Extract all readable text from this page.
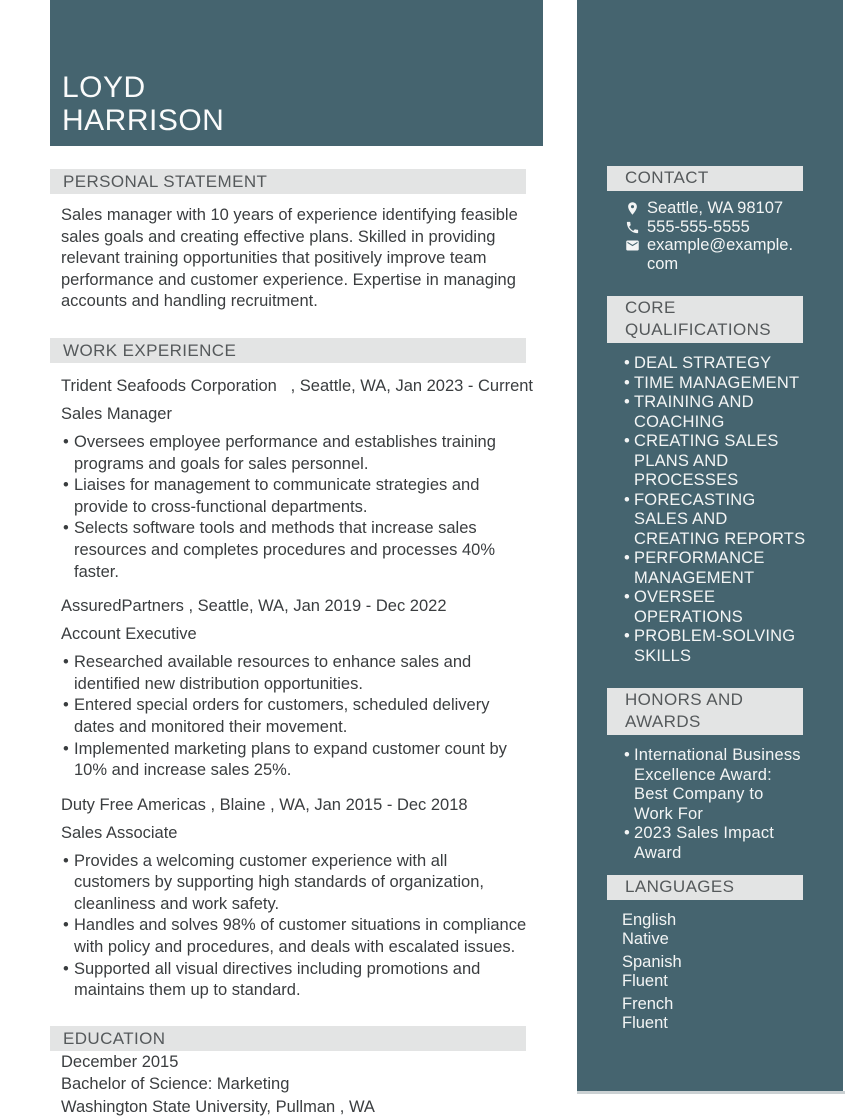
LOYD
HARRISON
PERSONAL STATEMENT

Sales manager with 10 years of experience identifying feasible sales goals and creating effective plans. Skilled in providing relevant training opportunities that positively improve team performance and customer experience. Expertise in managing accounts and handling recruitment.

WORK EXPERIENCE
Trident Seafoods Corporation   , Seattle, WA, Jan 2023 - Current
Sales Manager
• Oversees employee performance and establishes training programs and goals for sales personnel.
• Liaises for management to communicate strategies and provide to cross-functional departments.
• Selects software tools and methods that increase sales resources and completes procedures and processes 40% faster.
AssuredPartners , Seattle, WA, Jan 2019 - Dec 2022
Account Executive
• Researched available resources to enhance sales and identified new distribution opportunities.
• Entered special orders for customers, scheduled delivery dates and monitored their movement.
• Implemented marketing plans to expand customer count by 10% and increase sales 25%.
Duty Free Americas , Blaine , WA, Jan 2015 - Dec 2018
Sales Associate
• Provides a welcoming customer experience with all customers by supporting high standards of organization, cleanliness and work safety.
• Handles and solves 98% of customer situations in compliance with policy and procedures, and deals with escalated issues.
• Supported all visual directives including promotions and maintains them up to standard.
EDUCATION
December 2015
Bachelor of Science: Marketing
Washington State University, Pullman , WA
CONTACT
Seattle, WA 98107
555-555-5555
example@example.
com
CORE QUALIFICATIONS
• DEAL STRATEGY
• TIME MANAGEMENT
• TRAINING AND COACHING
• CREATING SALES PLANS AND PROCESSES
• FORECASTING SALES AND CREATING REPORTS
• PERFORMANCE MANAGEMENT
• OVERSEE OPERATIONS
• PROBLEM-SOLVING SKILLS
HONORS AND AWARDS
• International Business Excellence Award: Best Company to Work For
• 2023 Sales Impact Award
LANGUAGES
English
Native
Spanish
Fluent
French
Fluent
